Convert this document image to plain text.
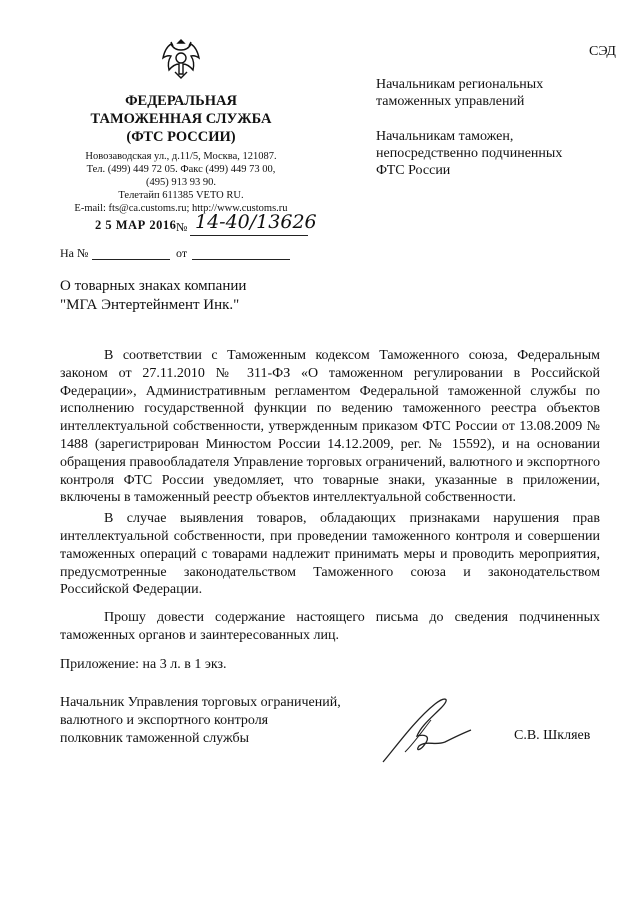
ФЕДЕРАЛЬНАЯ
ТАМОЖЕННАЯ СЛУЖБА
(ФТС РОССИИ)
Новозаводская ул., д.11/5, Москва, 121087.
Тел. (499) 449 72 05. Факс (499) 449 73 00,
(495) 913 93 90.
Телетайп 611385 VETO RU.
E-mail: fts@ca.customs.ru; http://www.customs.ru
СЭД
Начальникам региональных
таможенных управлений
Начальникам таможен,
непосредственно подчиненных
ФТС России
2 5 МАР 2016 № 14-40/13626
На №	от
О товарных знаках компании
"МГА Энтертейнмент Инк."

В соответствии с Таможенным кодексом Таможенного союза, Федеральным законом от 27.11.2010 № 311-ФЗ «О таможенном регулировании в Российской Федерации», Административным регламентом Федеральной таможенной службы по исполнению государственной функции по ведению таможенного реестра объектов интеллектуальной собственности, утвержденным приказом ФТС России от 13.08.2009 № 1488 (зарегистрирован Минюстом России 14.12.2009, рег. № 15592), и на основании обращения правообладателя Управление торговых ограничений, валютного и экспортного контроля ФТС России уведомляет, что товарные знаки, указанные в приложении, включены в таможенный реестр объектов интеллектуальной собственности.

В случае выявления товаров, обладающих признаками нарушения прав интеллектуальной собственности, при проведении таможенного контроля и совершении таможенных операций с товарами надлежит принимать меры и проводить мероприятия, предусмотренные законодательством Таможенного союза и законодательством Российской Федерации.

Прошу довести содержание настоящего письма до сведения подчиненных таможенных органов и заинтересованных лиц.

Приложение: на 3 л. в 1 экз.
Начальник Управления торговых ограничений,
валютного и экспортного контроля
полковник таможенной службы	С.В. Шкляев
